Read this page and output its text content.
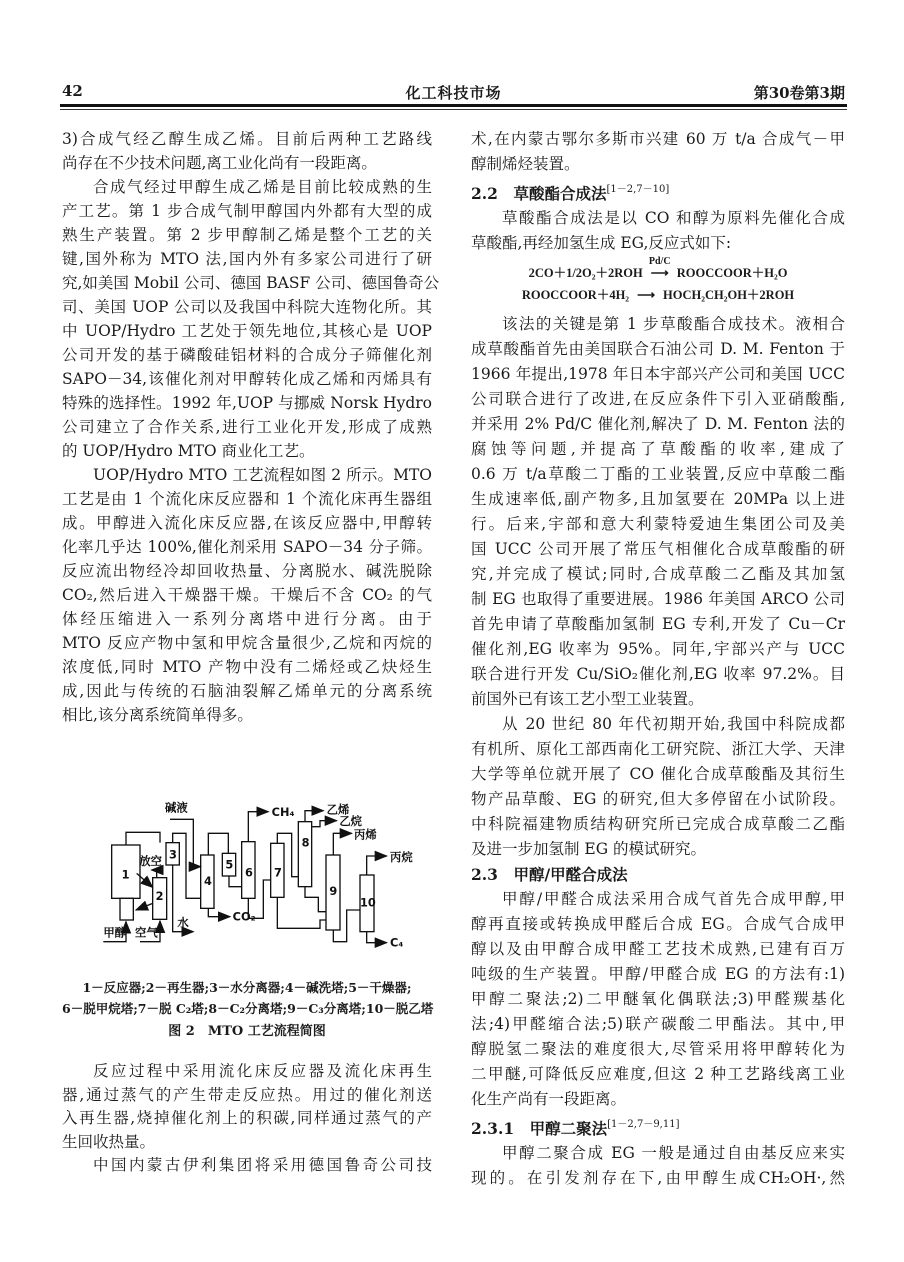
42	化工科技市场	第30卷第3期
3)合成气经乙醇生成乙烯。目前后两种工艺路线
尚存在不少技术问题,离工业化尚有一段距离。
合成气经过甲醇生成乙烯是目前比较成熟的生
产工艺。第 1 步合成气制甲醇国内外都有大型的成
熟生产装置。第 2 步甲醇制乙烯是整个工艺的关
键,国外称为 MTO 法,国内外有多家公司进行了研
究,如美国 Mobil 公司、德国 BASF 公司、德国鲁奇公
司、美国 UOP 公司以及我国中科院大连物化所。其
中 UOP/Hydro 工艺处于领先地位,其核心是 UOP
公司开发的基于磷酸硅铝材料的合成分子筛催化剂
SAPO－34,该催化剂对甲醇转化成乙烯和丙烯具有
特殊的选择性。1992 年,UOP 与挪威 Norsk Hydro
公司建立了合作关系,进行工业化开发,形成了成熟
的 UOP/Hydro MTO 商业化工艺。
UOP/Hydro MTO 工艺流程如图 2 所示。MTO
工艺是由 1 个流化床反应器和 1 个流化床再生器组
成。甲醇进入流化床反应器,在该反应器中,甲醇转
化率几乎达 100%,催化剂采用 SAPO－34 分子筛。
反应流出物经冷却回收热量、分离脱水、碱洗脱除
CO₂,然后进入干燥器干燥。干燥后不含 CO₂ 的气
体经压缩进入一系列分离塔中进行分离。由于
MTO 反应产物中氢和甲烷含量很少,乙烷和丙烷的
浓度低,同时 MTO 产物中没有二烯烃或乙炔烃生
成,因此与传统的石脑油裂解乙烯单元的分离系统
相比,该分离系统简单得多。
1
2
3
4
5
6 7
8
9
10
碱液 CH₄ 乙烯
乙烷
丙烯
丙烷
放空
水 CO₂
C₄
甲醇 空气
1－反应器;2－再生器;3－水分离器;4－碱洗塔;5－干燥器;
6－脱甲烷塔;7－脱 C₂塔;8－C₂分离塔;9－C₃分离塔;10－脱乙塔
图 2　MTO 工艺流程简图
反应过程中采用流化床反应器及流化床再生
器,通过蒸气的产生带走反应热。用过的催化剂送
入再生器,烧掉催化剂上的积碳,同样通过蒸气的产
生回收热量。
中国内蒙古伊利集团将采用德国鲁奇公司技
术,在内蒙古鄂尔多斯市兴建 60 万 t/a 合成气－甲
醇制烯烃装置。
2.2　草酸酯合成法[1－2,7－10]
草酸酯合成法是以 CO 和醇为原料先催化合成
草酸酯,再经加氢生成 EG,反应式如下:
2CO＋1/2O₂＋2ROH ⟶
Pd/C
ROOCCOOR＋H₂O
ROOCCOOR＋4H₂ ⟶ HOCH₂CH₂OH＋2ROH
该法的关键是第 1 步草酸酯合成技术。液相合
成草酸酯首先由美国联合石油公司 D. M. Fenton 于
1966 年提出,1978 年日本宇部兴产公司和美国 UCC
公司联合进行了改进,在反应条件下引入亚硝酸酯,
并采用 2% Pd/C 催化剂,解决了 D. M. Fenton 法的
腐蚀等问题,并提高了草酸酯的收率,建成了
0.6 万 t/a草酸二丁酯的工业装置,反应中草酸二酯
生成速率低,副产物多,且加氢要在 20MPa 以上进
行。后来,宇部和意大利蒙特爱迪生集团公司及美
国 UCC 公司开展了常压气相催化合成草酸酯的研
究,并完成了模试;同时,合成草酸二乙酯及其加氢
制 EG 也取得了重要进展。1986 年美国 ARCO 公司
首先申请了草酸酯加氢制 EG 专利,开发了 Cu－Cr
催化剂,EG 收率为 95%。同年,宇部兴产与 UCC
联合进行开发 Cu/SiO₂催化剂,EG 收率 97.2%。目
前国外已有该工艺小型工业装置。
从 20 世纪 80 年代初期开始,我国中科院成都
有机所、原化工部西南化工研究院、浙江大学、天津
大学等单位就开展了 CO 催化合成草酸酯及其衍生
物产品草酸、EG 的研究,但大多停留在小试阶段。
中科院福建物质结构研究所已完成合成草酸二乙酯
及进一步加氢制 EG 的模试研究。
2.3　甲醇/甲醛合成法
甲醇/甲醛合成法采用合成气首先合成甲醇,甲
醇再直接或转换成甲醛后合成 EG。合成气合成甲
醇以及由甲醇合成甲醛工艺技术成熟,已建有百万
吨级的生产装置。甲醇/甲醛合成 EG 的方法有:1)
甲醇二聚法;2)二甲醚氧化偶联法;3)甲醛羰基化
法;4)甲醛缩合法;5)联产碳酸二甲酯法。其中,甲
醇脱氢二聚法的难度很大,尽管采用将甲醇转化为
二甲醚,可降低反应难度,但这 2 种工艺路线离工业
化生产尚有一段距离。
2.3.1　甲醇二聚法[1－2,7－9,11]
甲醇二聚合成 EG 一般是通过自由基反应来实
现的。在引发剂存在下,由甲醇生成CH₂OH·,然
